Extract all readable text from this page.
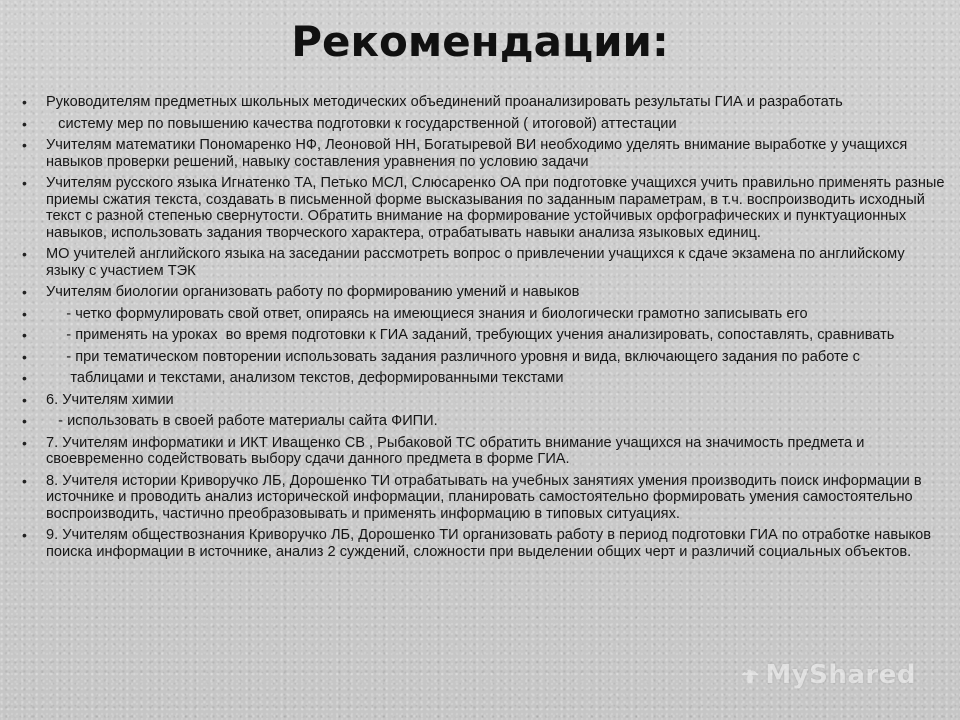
Рекомендации:
• Руководителям предметных школьных методических объединений проанализировать результаты ГИА и разработать
•    систему мер по повышению качества подготовки к государственной ( итоговой) аттестации
• Учителям математики Пономаренко НФ, Леоновой НН, Богатыревой ВИ необходимо уделять внимание выработке у учащихся навыков проверки решений, навыку составления уравнения по условию задачи
• Учителям русского языка Игнатенко ТА, Петько МСЛ, Слюсаренко ОА при подготовке учащихся учить правильно применять разные приемы сжатия текста, создавать в письменной форме высказывания по заданным параметрам, в т.ч. воспроизводить исходный текст с разной степенью свернутости. Обратить внимание на формирование устойчивых орфографических и пунктуационных навыков, использовать задания творческого характера, отрабатывать навыки анализа языковых единиц.
• МО учителей английского языка на заседании рассмотреть вопрос о привлечении учащихся к сдаче экзамена по английскому языку с участием ТЭК
• Учителям биологии организовать работу по формированию умений и навыков
•      - четко формулировать свой ответ, опираясь на имеющиеся знания и биологически грамотно записывать его
•      - применять на уроках  во время подготовки к ГИА заданий, требующих учения анализировать, сопоставлять, сравнивать
•      - при тематическом повторении использовать задания различного уровня и вида, включающего задания по работе с
•       таблицами и текстами, анализом текстов, деформированными текстами
• 6. Учителям химии
•    - использовать в своей работе материалы сайта ФИПИ.
• 7. Учителям информатики и ИКТ Иващенко СВ , Рыбаковой ТС обратить внимание учащихся на значимость предмета и своевременно содействовать выбору сдачи данного предмета в форме ГИА.
• 8. Учителя истории Криворучко ЛБ, Дорошенко ТИ отрабатывать на учебных занятиях умения производить поиск информации в источнике и проводить анализ исторической информации, планировать самостоятельно формировать умения самостоятельно воспроизводить, частично преобразовывать и применять информацию в типовых ситуациях.
• 9. Учителям обществознания Криворучко ЛБ, Дорошенко ТИ организовать работу в период подготовки ГИА по отработке навыков поиска информации в источнике, анализ 2 суждений, сложности при выделении общих черт и различий социальных объектов.
MyShared
